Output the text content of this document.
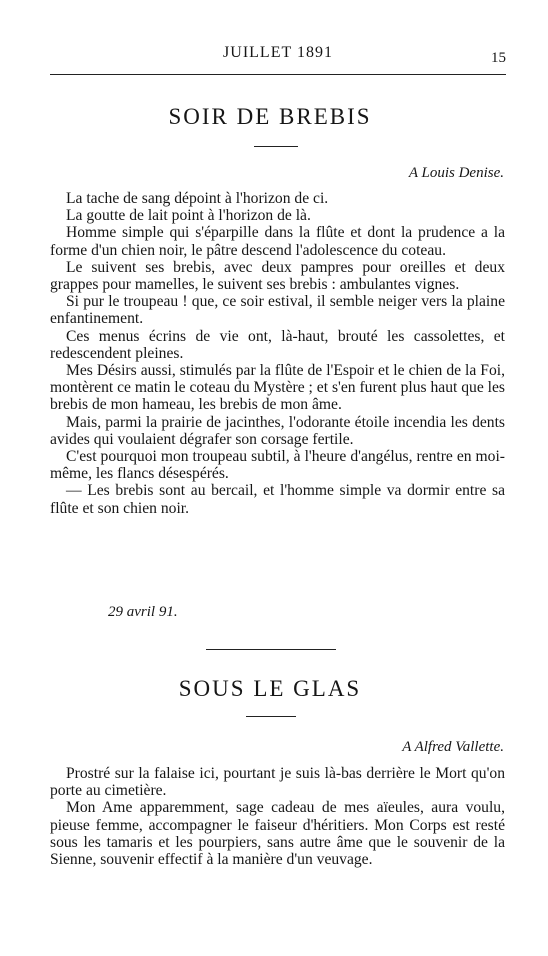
JUILLET 1891	15
SOIR DE BREBIS
A Louis Denise.

La tache de sang dépoint à l'horizon de ci.

La goutte de lait point à l'horizon de là.

Homme simple qui s'éparpille dans la flûte et dont la prudence a la forme d'un chien noir, le pâtre descend l'adolescence du coteau.

Le suivent ses brebis, avec deux pampres pour oreilles et deux grappes pour mamelles, le suivent ses brebis : ambulantes vignes.

Si pur le troupeau ! que, ce soir estival, il semble neiger vers la plaine enfantinement.

Ces menus écrins de vie ont, là-haut, brouté les cassolettes, et redescendent pleines.

Mes Désirs aussi, stimulés par la flûte de l'Espoir et le chien de la Foi, montèrent ce matin le coteau du Mystère ; et s'en furent plus haut que les brebis de mon hameau, les brebis de mon âme.

Mais, parmi la prairie de jacinthes, l'odorante étoile incendia les dents avides qui voulaient dégrafer son corsage fertile.

C'est pourquoi mon troupeau subtil, à l'heure d'angélus, rentre en moi-même, les flancs désespérés.

— Les brebis sont au bercail, et l'homme simple va dormir entre sa flûte et son chien noir.

29 avril 91.
SOUS LE GLAS
A Alfred Vallette.

Prostré sur la falaise ici, pourtant je suis là-bas derrière le Mort qu'on porte au cimetière.

Mon Ame apparemment, sage cadeau de mes aïeules, aura voulu, pieuse femme, accompagner le faiseur d'héritiers. Mon Corps est resté sous les tamaris et les pourpiers, sans autre âme que le souvenir de la Sienne, souvenir effectif à la manière d'un veuvage.
